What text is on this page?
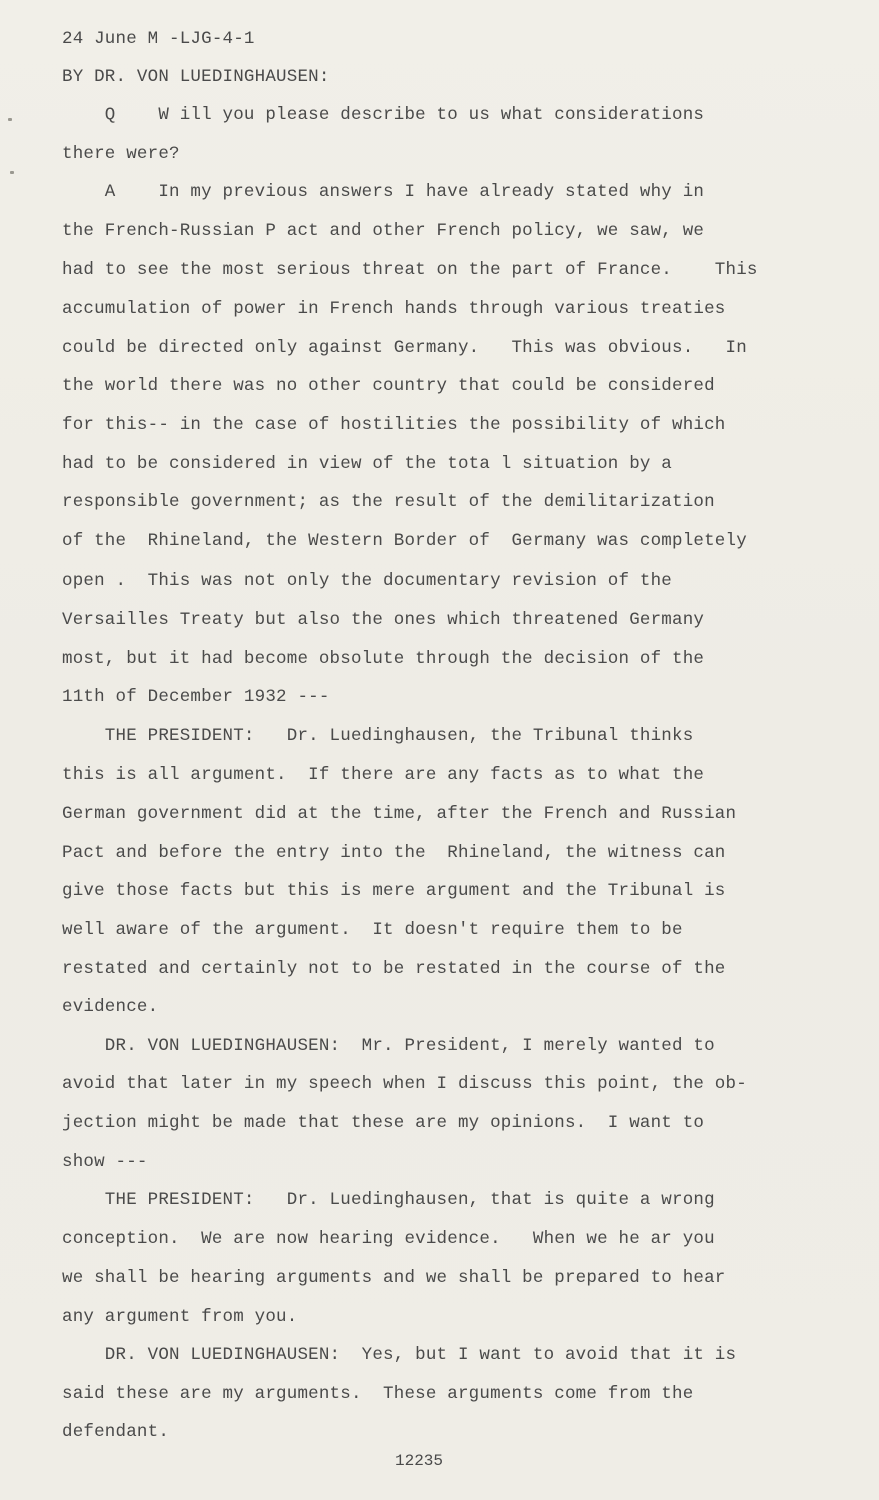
24 June M -LJG-4-1
BY DR. VON LUEDINGHAUSEN:
Q    W ill you please describe to us what considerations
there were?
A    In my previous answers I have already stated why in
the French-Russian P act and other French policy, we saw, we
had to see the most serious threat on the part of France.    This
accumulation of power in French hands through various treaties
could be directed only against Germany.   This was obvious.   In
the world there was no other country that could be considered
for this-- in the case of hostilities the possibility of which
had to be considered in view of the tota l situation by a
responsible government; as the result of the demilitarization
of the  Rhineland, the Western Border of  Germany was completely
open .  This was not only the documentary revision of the
Versailles Treaty but also the ones which threatened Germany
most, but it had become obsolute through the decision of the
11th of December 1932 ---
THE PRESIDENT:   Dr. Luedinghausen, the Tribunal thinks
this is all argument.  If there are any facts as to what the
German government did at the time, after the French and Russian
Pact and before the entry into the  Rhineland, the witness can
give those facts but this is mere argument and the Tribunal is
well aware of the argument.  It doesn't require them to be
restated and certainly not to be restated in the course of the
evidence.
DR. VON LUEDINGHAUSEN:  Mr. President, I merely wanted to
avoid that later in my speech when I discuss this point, the ob-
jection might be made that these are my opinions.  I want to
show ---
THE PRESIDENT:   Dr. Luedinghausen, that is quite a wrong
conception.  We are now hearing evidence.   When we he ar you
we shall be hearing arguments and we shall be prepared to hear
any argument from you.
DR. VON LUEDINGHAUSEN:  Yes, but I want to avoid that it is
said these are my arguments.  These arguments come from the
defendant.
12235
